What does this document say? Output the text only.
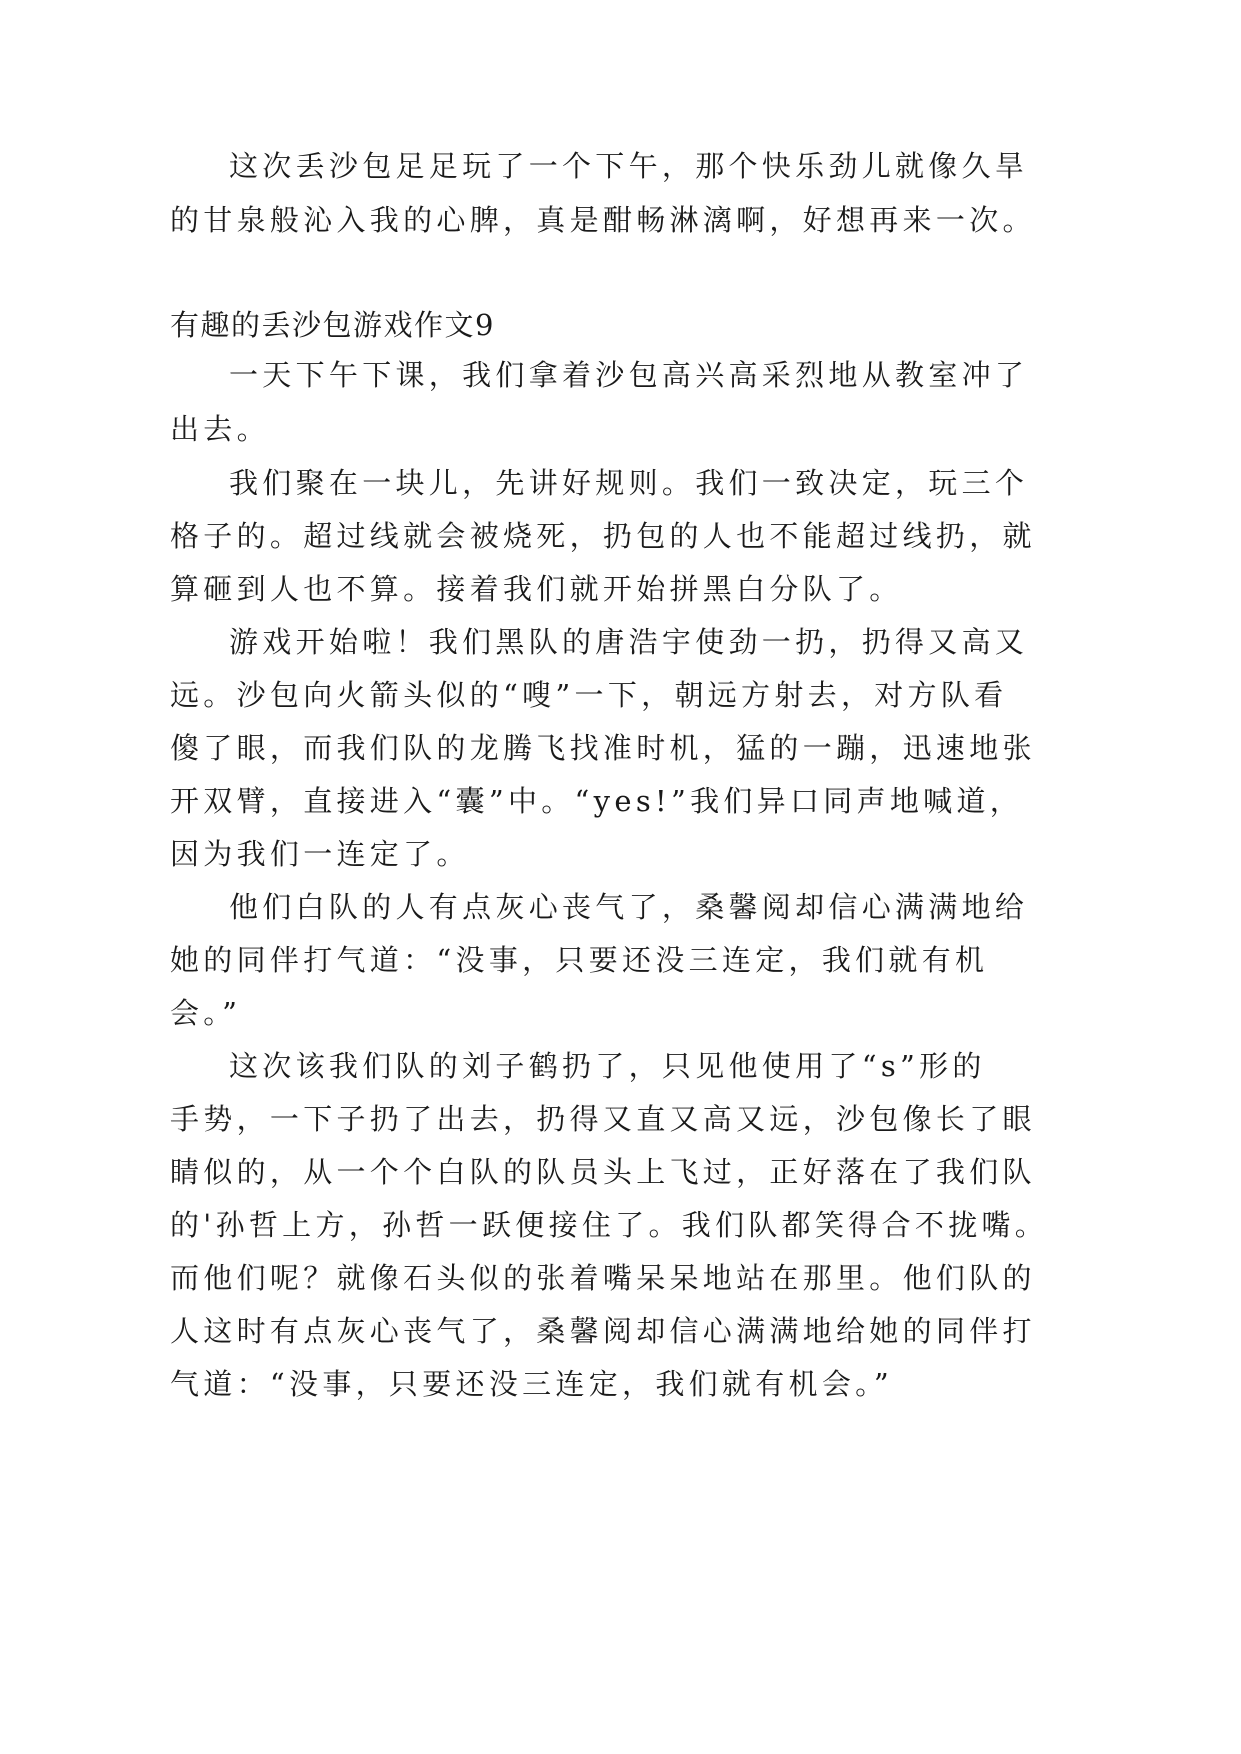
这次丢沙包足足玩了一个下午，那个快乐劲儿就像久旱
的甘泉般沁入我的心脾，真是酣畅淋漓啊，好想再来一次。
有趣的丢沙包游戏作文9
一天下午下课，我们拿着沙包高兴高采烈地从教室冲了
出去。
我们聚在一块儿，先讲好规则。我们一致决定，玩三个
格子的。超过线就会被烧死，扔包的人也不能超过线扔，就
算砸到人也不算。接着我们就开始拼黑白分队了。
游戏开始啦！我们黑队的唐浩宇使劲一扔，扔得又高又
远。沙包向火箭头似的“嗖”一下，朝远方射去，对方队看
傻了眼，而我们队的龙腾飞找准时机，猛的一蹦，迅速地张
开双臂，直接进入“囊”中。“yes!”我们异口同声地喊道，
因为我们一连定了。
他们白队的人有点灰心丧气了，桑馨阅却信心满满地给
她的同伴打气道：“没事，只要还没三连定，我们就有机
会。”
这次该我们队的刘子鹤扔了，只见他使用了“s”形的
手势，一下子扔了出去，扔得又直又高又远，沙包像长了眼
睛似的，从一个个白队的队员头上飞过，正好落在了我们队
的'孙哲上方，孙哲一跃便接住了。我们队都笑得合不拢嘴。
而他们呢？就像石头似的张着嘴呆呆地站在那里。他们队的
人这时有点灰心丧气了，桑馨阅却信心满满地给她的同伴打
气道：“没事，只要还没三连定，我们就有机会。”
